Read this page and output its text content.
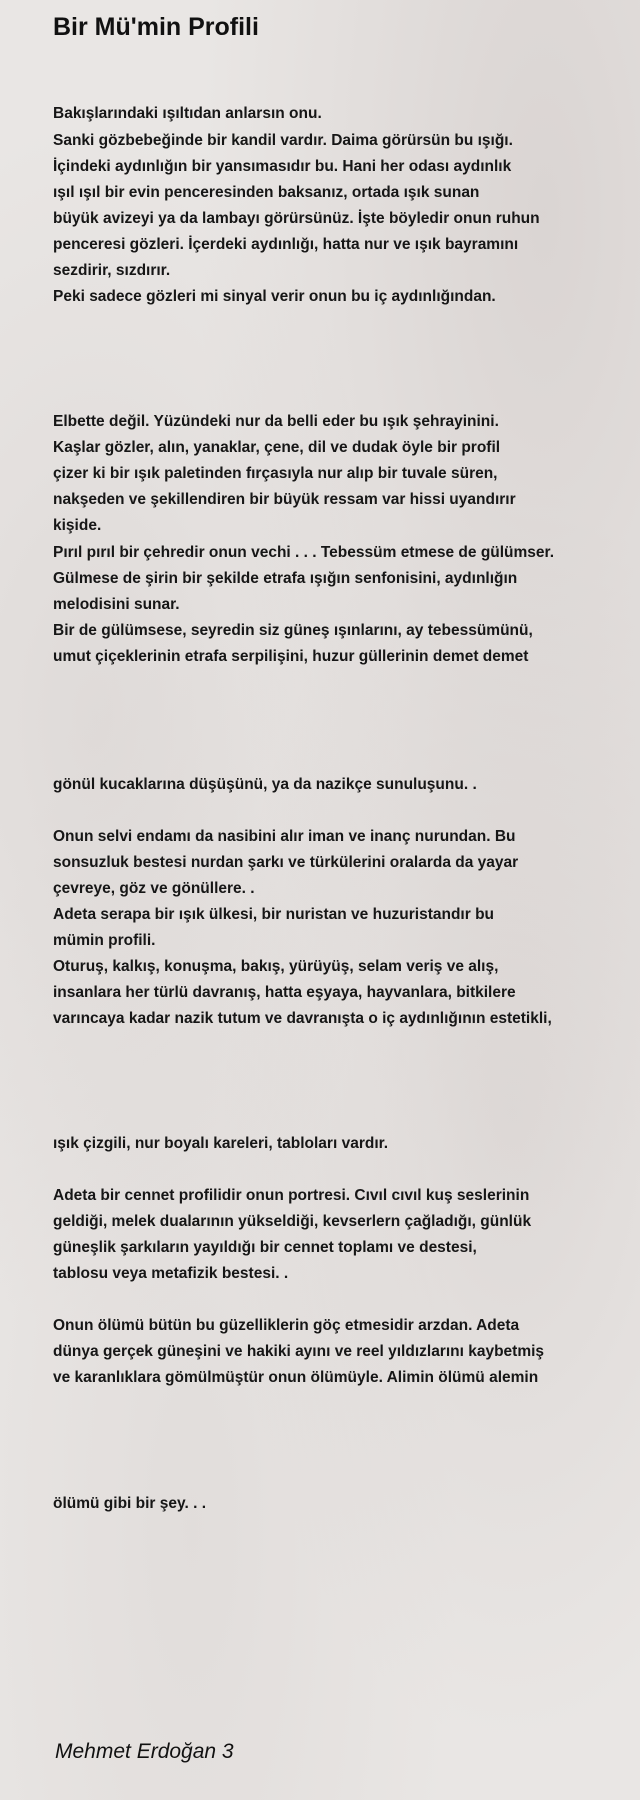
Bir Mü'min Profili
Bakışlarındaki ışıltıdan anlarsın onu.
Sanki gözbebeğinde bir kandil vardır. Daima görürsün bu ışığı.
İçindeki aydınlığın bir yansımasıdır bu. Hani her odası aydınlık
ışıl ışıl bir evin penceresinden baksanız, ortada ışık sunan
büyük avizeyi ya da lambayı görürsünüz. İşte böyledir onun ruhun
penceresi gözleri. İçerdeki aydınlığı, hatta nur ve ışık bayramını
sezdirir, sızdırır.
Peki sadece gözleri mi sinyal verir onun bu iç aydınlığından.
Elbette değil. Yüzündeki nur da belli eder bu ışık şehrayinini.
Kaşlar gözler, alın, yanaklar, çene, dil ve dudak öyle bir profil
çizer ki bir ışık paletinden fırçasıyla nur alıp bir tuvale süren,
nakşeden ve şekillendiren bir büyük ressam var hissi uyandırır
kişide.
Pırıl pırıl bir çehredir onun vechi . . . Tebessüm etmese de gülümser.
Gülmese de şirin bir şekilde etrafa ışığın senfonisini, aydınlığın
melodisini sunar.
Bir de gülümsese, seyredin siz güneş ışınlarını, ay tebessümünü,
umut çiçeklerinin etrafa serpilişini, huzur güllerinin demet demet
gönül kucaklarına düşüşünü, ya da nazikçe sunuluşunu. .
Onun selvi endamı da nasibini alır iman ve inanç nurundan. Bu
sonsuzluk bestesi nurdan şarkı ve türkülerini oralarda da yayar
çevreye, göz ve gönüllere. .
Adeta serapa bir ışık ülkesi, bir nuristan ve huzuristandır bu
mümin profili.
Oturuş, kalkış, konuşma, bakış, yürüyüş, selam veriş ve alış,
insanlara her türlü davranış, hatta eşyaya, hayvanlara, bitkilere
varıncaya kadar nazik tutum ve davranışta o iç aydınlığının estetikli,
ışık çizgili, nur boyalı kareleri, tabloları vardır.
Adeta bir cennet profilidir onun portresi. Cıvıl cıvıl kuş seslerinin
geldiği, melek dualarının yükseldiği, kevserlern çağladığı, günlük
güneşlik şarkıların yayıldığı bir cennet toplamı ve destesi,
tablosu veya metafizik bestesi. .
Onun ölümü bütün bu güzelliklerin göç etmesidir arzdan. Adeta
dünya gerçek güneşini ve hakiki ayını ve reel yıldızlarını kaybetmiş
ve karanlıklara gömülmüştür onun ölümüyle. Alimin ölümü alemin
ölümü gibi bir şey. . .
Mehmet Erdoğan 3
